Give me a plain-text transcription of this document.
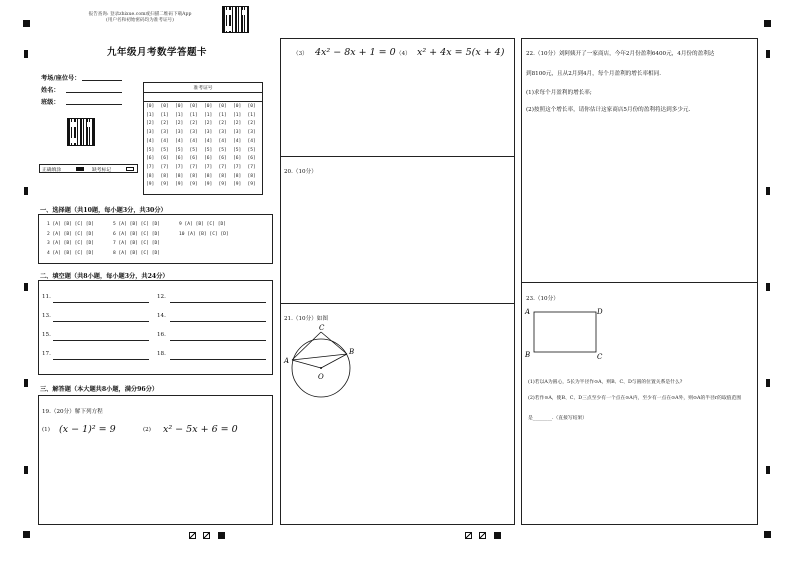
报告查询: 登录zhixue.com或扫描二维码下载App
(用户名和初始密码均为准考证号)
九年级月考数学答题卡
考场/座位号：
姓名：
班级：
正确填涂	缺考标记
准考证号
[0] [0] [0] [0] [0] [0] [0] [0]
[1] [1] [1] [1] [1] [1] [1] [1]
[2] [2] [2] [2] [2] [2] [2] [2]
[3] [3] [3] [3] [3] [3] [3] [3]
[4] [4] [4] [4] [4] [4] [4] [4]
[5] [5] [5] [5] [5] [5] [5] [5]
[6] [6] [6] [6] [6] [6] [6] [6]
[7] [7] [7] [7] [7] [7] [7] [7]
[8] [8] [8] [8] [8] [8] [8] [8]
[9] [9] [9] [9] [9] [9] [9] [9]
一、选择题（共10题，每小题3分，共30分）
1 [A] [B] [C] [D]	5 [A] [B] [C] [D]	9 [A] [B] [C] [D]
2 [A] [B] [C] [D]	6 [A] [B] [C] [D]	10 [A] [B] [C] [D]
3 [A] [B] [C] [D]	7 [A] [B] [C] [D]
4 [A] [B] [C] [D]	8 [A] [B] [C] [D]
二、填空题（共8小题，每小题3分，共24分）
11.	12.
13.	14.
15.	16.
17.	18.
三、解答题（本大题共8小题，满分96分）
19.（20分）解下列方程
(1) (x − 1)² = 9	(2) x² − 5x + 6 = 0
（3） 4x² − 8x + 1 = 0 （4） x² + 4x = 5(x + 4)
20.（10分）
21.（10分）如图
A
C
B
O
22.（10分）刘阿姨开了一家商店，今年2月份盈利6400元，4月份的盈利达
到8100元，且从2月到4月，每个月盈利的增长率相同.
(1)求每个月盈利的增长率;
(2)按照这个增长率，请你估计这家商店5月份的盈利将达到多少元.
23.（10分）
A	D
B	C
(1)若以A为圆心，5长为半径作⊙A，则B、C、D与圆的位置关系是什么?
(2)若作⊙A，使B、C、D三点至少有一个点在⊙A内，至少有一点在⊙A外，则⊙A的半径r的取值范围
是________.（直接写结果）
